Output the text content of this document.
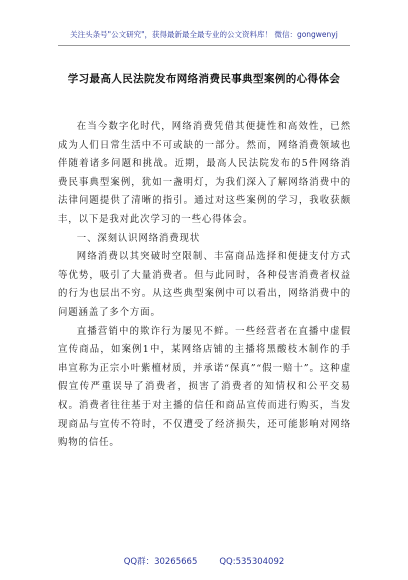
关注头条号"公文研究"，获得最新最全最专业的公文资料库！ 微信：gongwenyj
学习最高人民法院发布网络消费民事典型案例的心得体会

在当今数字化时代，网络消费凭借其便捷性和高效性，已然成为人们日常生活中不可或缺的一部分。然而，网络消费领域也伴随着诸多问题和挑战。近期，最高人民法院发布的5件网络消费民事典型案例，犹如一盏明灯，为我们深入了解网络消费中的法律问题提供了清晰的指引。通过对这些案例的学习，我收获颇丰，以下是我对此次学习的一些心得体会。

一、深刻认识网络消费现状

网络消费以其突破时空限制、丰富商品选择和便捷支付方式等优势，吸引了大量消费者。但与此同时，各种侵害消费者权益的行为也层出不穷。从这些典型案例中可以看出，网络消费中的问题涵盖了多个方面。

直播营销中的欺诈行为屡见不鲜。一些经营者在直播中虚假宣传商品，如案例1中，某网络店铺的主播将黑酸枝木制作的手串宣称为正宗小叶紫檀材质，并承诺“保真”“假一赔十”。这种虚假宣传严重误导了消费者，损害了消费者的知情权和公平交易权。消费者往往基于对主播的信任和商品宣传而进行购买，当发现商品与宣传不符时，不仅遭受了经济损失，还可能影响对网络购物的信任。

QQ群：30265665	QQ:535304092
